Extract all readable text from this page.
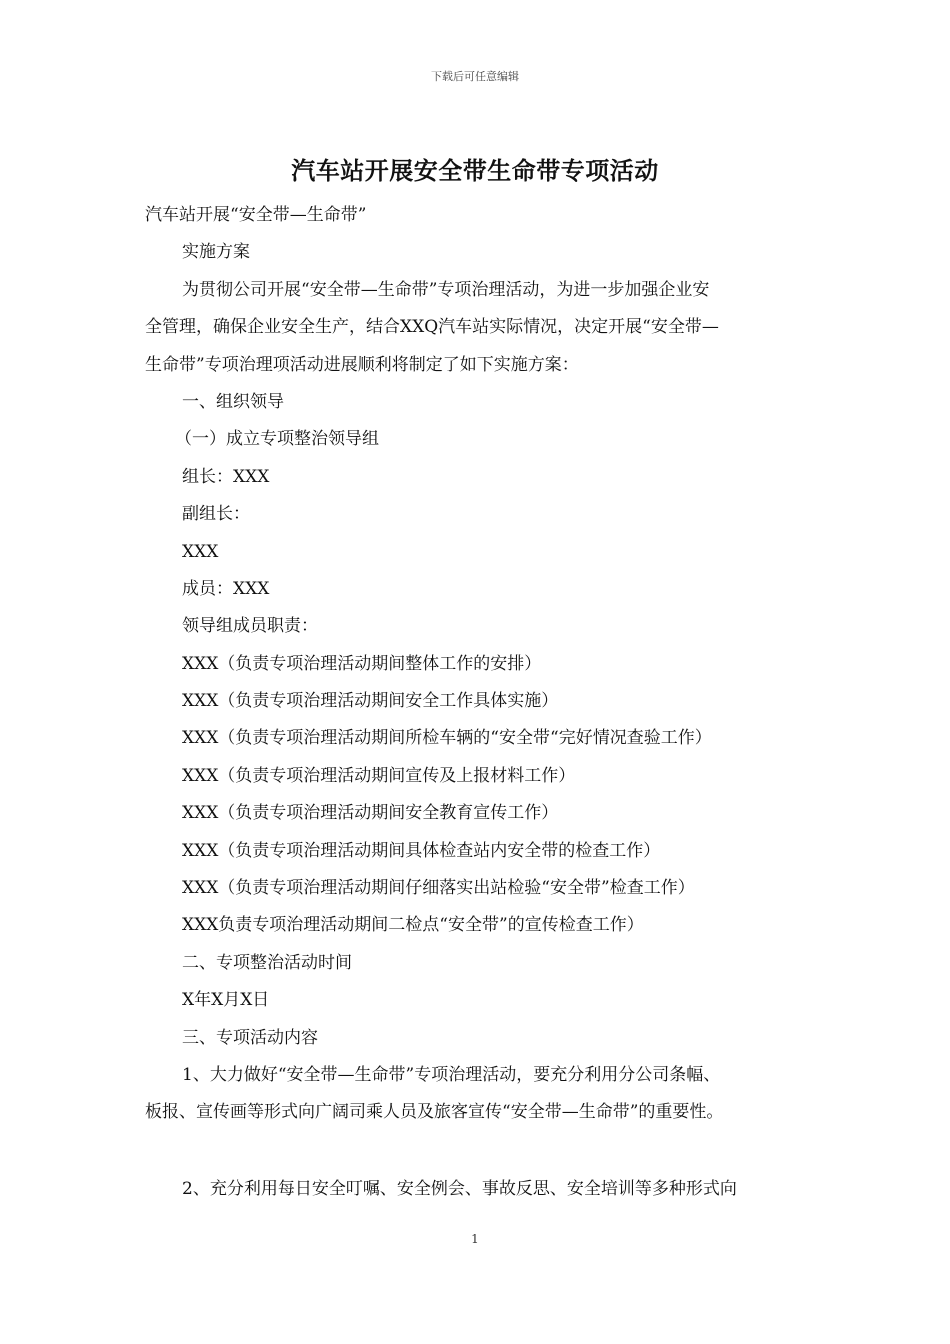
下载后可任意编辑
汽车站开展安全带生命带专项活动
汽车站开展“安全带—生命带”
实施方案
为贯彻公司开展“安全带—生命带”专项治理活动，为进一步加强企业安
全管理，确保企业安全生产，结合XXQ汽车站实际情况，决定开展“安全带—
生命带”专项治理项活动进展顺利将制定了如下实施方案：
一、组织领导
（一）成立专项整治领导组
组长：XXX
副组长：
XXX
成员：XXX
领导组成员职责：
XXX（负责专项治理活动期间整体工作的安排）
XXX（负责专项治理活动期间安全工作具体实施）
XXX（负责专项治理活动期间所检车辆的“安全带“完好情况查验工作）
XXX（负责专项治理活动期间宣传及上报材料工作）
XXX（负责专项治理活动期间安全教育宣传工作）
XXX（负责专项治理活动期间具体检查站内安全带的检查工作）
XXX（负责专项治理活动期间仔细落实出站检验“安全带”检查工作）
XXX负责专项治理活动期间二检点“安全带”的宣传检查工作）
二、专项整治活动时间
X年X月X日
三、专项活动内容
1、大力做好“安全带—生命带”专项治理活动，要充分利用分公司条幅、
板报、宣传画等形式向广阔司乘人员及旅客宣传“安全带—生命带”的重要性。
2、充分利用每日安全叮嘱、安全例会、事故反思、安全培训等多种形式向
1
